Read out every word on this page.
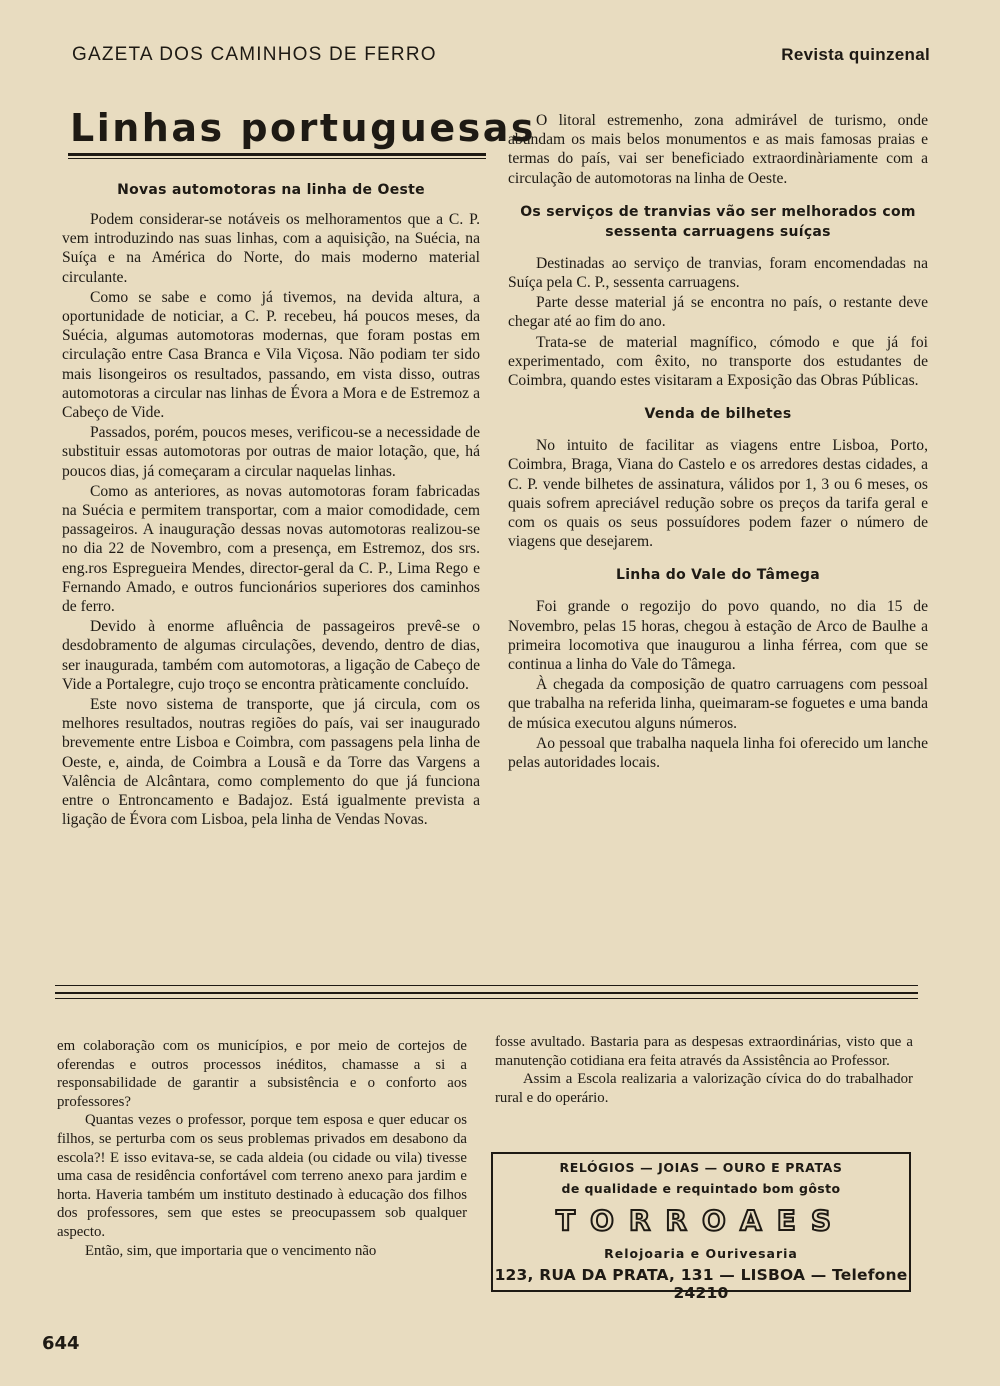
GAZETA DOS CAMINHOS DE FERRO	Revista quinzenal
Linhas portuguesas
Novas automotoras na linha de Oeste

Podem considerar-se notáveis os melhoramentos que a C. P. vem introduzindo nas suas linhas, com a aquisição, na Suécia, na Suíça e na América do Norte, do mais moderno material circulante.

Como se sabe e como já tivemos, na devida altura, a oportunidade de noticiar, a C. P. recebeu, há poucos meses, da Suécia, algumas automotoras modernas, que foram postas em circulação entre Casa Branca e Vila Viçosa. Não podiam ter sido mais lisongeiros os resultados, passando, em vista disso, outras automotoras a circular nas linhas de Évora a Mora e de Estremoz a Cabeço de Vide.

Passados, porém, poucos meses, verificou-se a necessidade de substituir essas automotoras por outras de maior lotação, que, há poucos dias, já começaram a circular naquelas linhas.

Como as anteriores, as novas automotoras foram fabricadas na Suécia e permitem transportar, com a maior comodidade, cem passageiros. A inauguração dessas novas automotoras realizou-se no dia 22 de Novembro, com a presença, em Estremoz, dos srs. eng.ros Espregueira Mendes, director-geral da C. P., Lima Rego e Fernando Amado, e outros funcionários superiores dos caminhos de ferro.

Devido à enorme afluência de passageiros prevê-se o desdobramento de algumas circulações, devendo, dentro de dias, ser inaugurada, também com automotoras, a ligação de Cabeço de Vide a Portalegre, cujo troço se encontra pràticamente concluído.

Este novo sistema de transporte, que já circula, com os melhores resultados, noutras regiões do país, vai ser inaugurado brevemente entre Lisboa e Coimbra, com passagens pela linha de Oeste, e, ainda, de Coimbra a Lousã e da Torre das Vargens a Valência de Alcântara, como complemento do que já funciona entre o Entroncamento e Badajoz. Está igualmente prevista a ligação de Évora com Lisboa, pela linha de Vendas Novas.

O litoral estremenho, zona admirável de turismo, onde abundam os mais belos monumentos e as mais famosas praias e termas do país, vai ser beneficiado extraordinàriamente com a circulação de automotoras na linha de Oeste.

Os serviços de tranvias vão ser melhorados com sessenta carruagens suíças

Destinadas ao serviço de tranvias, foram encomendadas na Suíça pela C. P., sessenta carruagens.

Parte desse material já se encontra no país, o restante deve chegar até ao fim do ano.

Trata-se de material magnífico, cómodo e que já foi experimentado, com êxito, no transporte dos estudantes de Coimbra, quando estes visitaram a Exposição das Obras Públicas.

Venda de bilhetes

No intuito de facilitar as viagens entre Lisboa, Porto, Coimbra, Braga, Viana do Castelo e os arredores destas cidades, a C. P. vende bilhetes de assinatura, válidos por 1, 3 ou 6 meses, os quais sofrem apreciável redução sobre os preços da tarifa geral e com os quais os seus possuídores podem fazer o número de viagens que desejarem.

Linha do Vale do Tâmega

Foi grande o regozijo do povo quando, no dia 15 de Novembro, pelas 15 horas, chegou à estação de Arco de Baulhe a primeira locomotiva que inaugurou a linha férrea, com que se continua a linha do Vale do Tâmega.

À chegada da composição de quatro carruagens com pessoal que trabalha na referida linha, queimaram-se foguetes e uma banda de música executou alguns números.

Ao pessoal que trabalha naquela linha foi oferecido um lanche pelas autoridades locais.

em colaboração com os municípios, e por meio de cortejos de oferendas e outros processos inéditos, chamasse a si a responsabilidade de garantir a subsistência e o conforto aos professores?

Quantas vezes o professor, porque tem esposa e quer educar os filhos, se perturba com os seus problemas privados em desabono da escola?! E isso evitava-se, se cada aldeia (ou cidade ou vila) tivesse uma casa de residência confortável com terreno anexo para jardim e horta. Haveria também um instituto destinado à educação dos filhos dos professores, sem que estes se preocupassem sob qualquer aspecto.

Então, sim, que importaria que o vencimento não

fosse avultado. Bastaria para as despesas extraordinárias, visto que a manutenção cotidiana era feita através da Assistência ao Professor.

Assim a Escola realizaria a valorização cívica do do trabalhador rural e do operário.

RELÓGIOS — JOIAS — OURO E PRATAS
de qualidade e requintado bom gôsto
TORROAES
Relojoaria e Ourivesaria
123, RUA DA PRATA, 131 — LISBOA — Telefone 24210
644
